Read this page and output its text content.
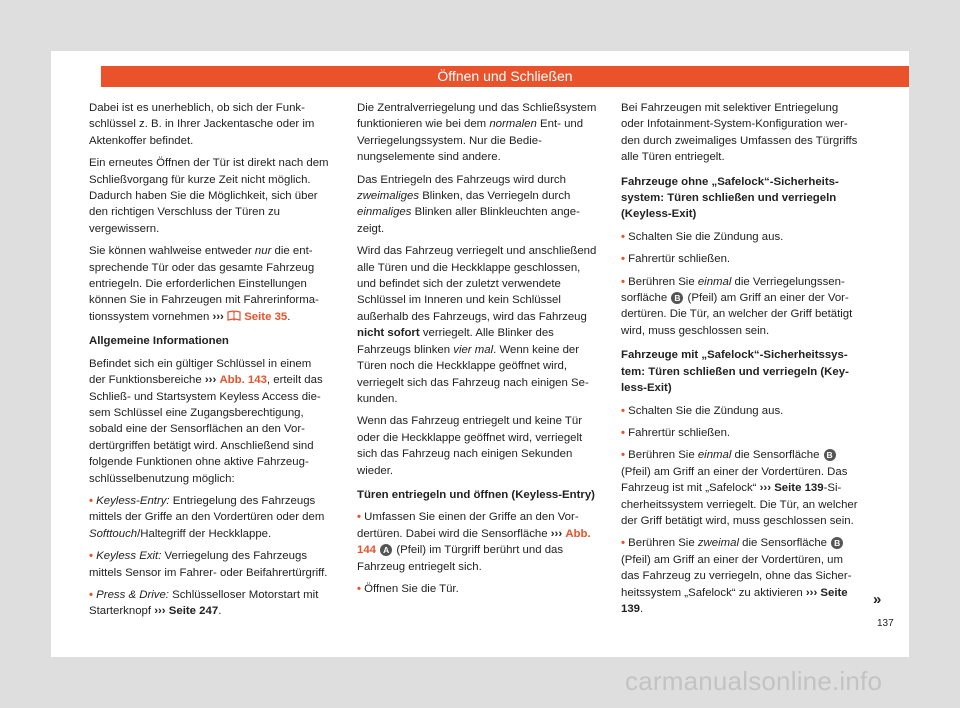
Öffnen und Schließen

Dabei ist es unerheblich, ob sich der Funkschlüssel z. B. in Ihrer Jackentasche oder im Aktenkoffer befindet.

Ein erneutes Öffnen der Tür ist direkt nach dem Schließvorgang für kurze Zeit nicht möglich. Dadurch haben Sie die Möglichkeit, sich über den richtigen Verschluss der Türen zu vergewissern.

Sie können wahlweise entweder nur die entsprechende Tür oder das gesamte Fahrzeug entriegeln. Die erforderlichen Einstellungen können Sie in Fahrzeugen mit Fahrerinformationssystem vornehmen ››› Seite 35.

Allgemeine Informationen

Befindet sich ein gültiger Schlüssel in einem der Funktionsbereiche ››› Abb. 143, erteilt das Schließ- und Startsystem Keyless Access diesem Schlüssel eine Zugangsberechtigung, sobald eine der Sensorflächen an den Vordertürgriffen betätigt wird. Anschließend sind folgende Funktionen ohne aktive Fahrzeugschlüsselbenutzung möglich:

• Keyless-Entry: Entriegelung des Fahrzeugs mittels der Griffe an den Vordertüren oder dem Softtouch/Haltegriff der Heckklappe.
• Keyless Exit: Verriegelung des Fahrzeugs mittels Sensor im Fahrer- oder Beifahrertürgriff.
• Press & Drive: Schlüsselloser Motorstart mit Starterknopf ››› Seite 247.

Die Zentralverriegelung und das Schließsystem funktionieren wie bei dem normalen Ent- und Verriegelungssystem. Nur die Bedienungselemente sind andere.

Das Entriegeln des Fahrzeugs wird durch zweimaliges Blinken, das Verriegeln durch einmaliges Blinken aller Blinkleuchten angezeigt.

Wird das Fahrzeug verriegelt und anschließend alle Türen und die Heckklappe geschlossen, und befindet sich der zuletzt verwendete Schlüssel im Inneren und kein Schlüssel außerhalb des Fahrzeugs, wird das Fahrzeug nicht sofort verriegelt. Alle Blinker des Fahrzeugs blinken vier mal. Wenn keine der Türen noch die Heckklappe geöffnet wird, verriegelt sich das Fahrzeug nach einigen Sekunden.

Wenn das Fahrzeug entriegelt und keine Tür oder die Heckklappe geöffnet wird, verriegelt sich das Fahrzeug nach einigen Sekunden wieder.

Türen entriegeln und öffnen (Keyless-Entry)
• Umfassen Sie einen der Griffe an den Vordertüren. Dabei wird die Sensorfläche ››› Abb. 144 A (Pfeil) im Türgriff berührt und das Fahrzeug entriegelt sich.
• Öffnen Sie die Tür.

Bei Fahrzeugen mit selektiver Entriegelung oder Infotainment-System-Konfiguration werden durch zweimaliges Umfassen des Türgriffs alle Türen entriegelt.

Fahrzeuge ohne „Safelock“-Sicherheitssystem: Türen schließen und verriegeln (Keyless-Exit)
• Schalten Sie die Zündung aus.
• Fahrertür schließen.
• Berühren Sie einmal die Verriegelungssensorfläche B (Pfeil) am Griff an einer der Vordertüren. Die Tür, an welcher der Griff betätigt wird, muss geschlossen sein.
Fahrzeuge mit „Safelock“-Sicherheitssystem: Türen schließen und verriegeln (Keyless-Exit)
• Schalten Sie die Zündung aus.
• Fahrertür schließen.
• Berühren Sie einmal die Sensorfläche B (Pfeil) am Griff an einer der Vordertüren. Das Fahrzeug ist mit „Safelock“ ››› Seite 139-Sicherheitssystem verriegelt. Die Tür, an welcher der Griff betätigt wird, muss geschlossen sein.
• Berühren Sie zweimal die Sensorfläche B (Pfeil) am Griff an einer der Vordertüren, um das Fahrzeug zu verriegeln, ohne das Sicherheitssystem „Safelock“ zu aktivieren ››› Seite 139.
»
137
carmanualsonline.info
